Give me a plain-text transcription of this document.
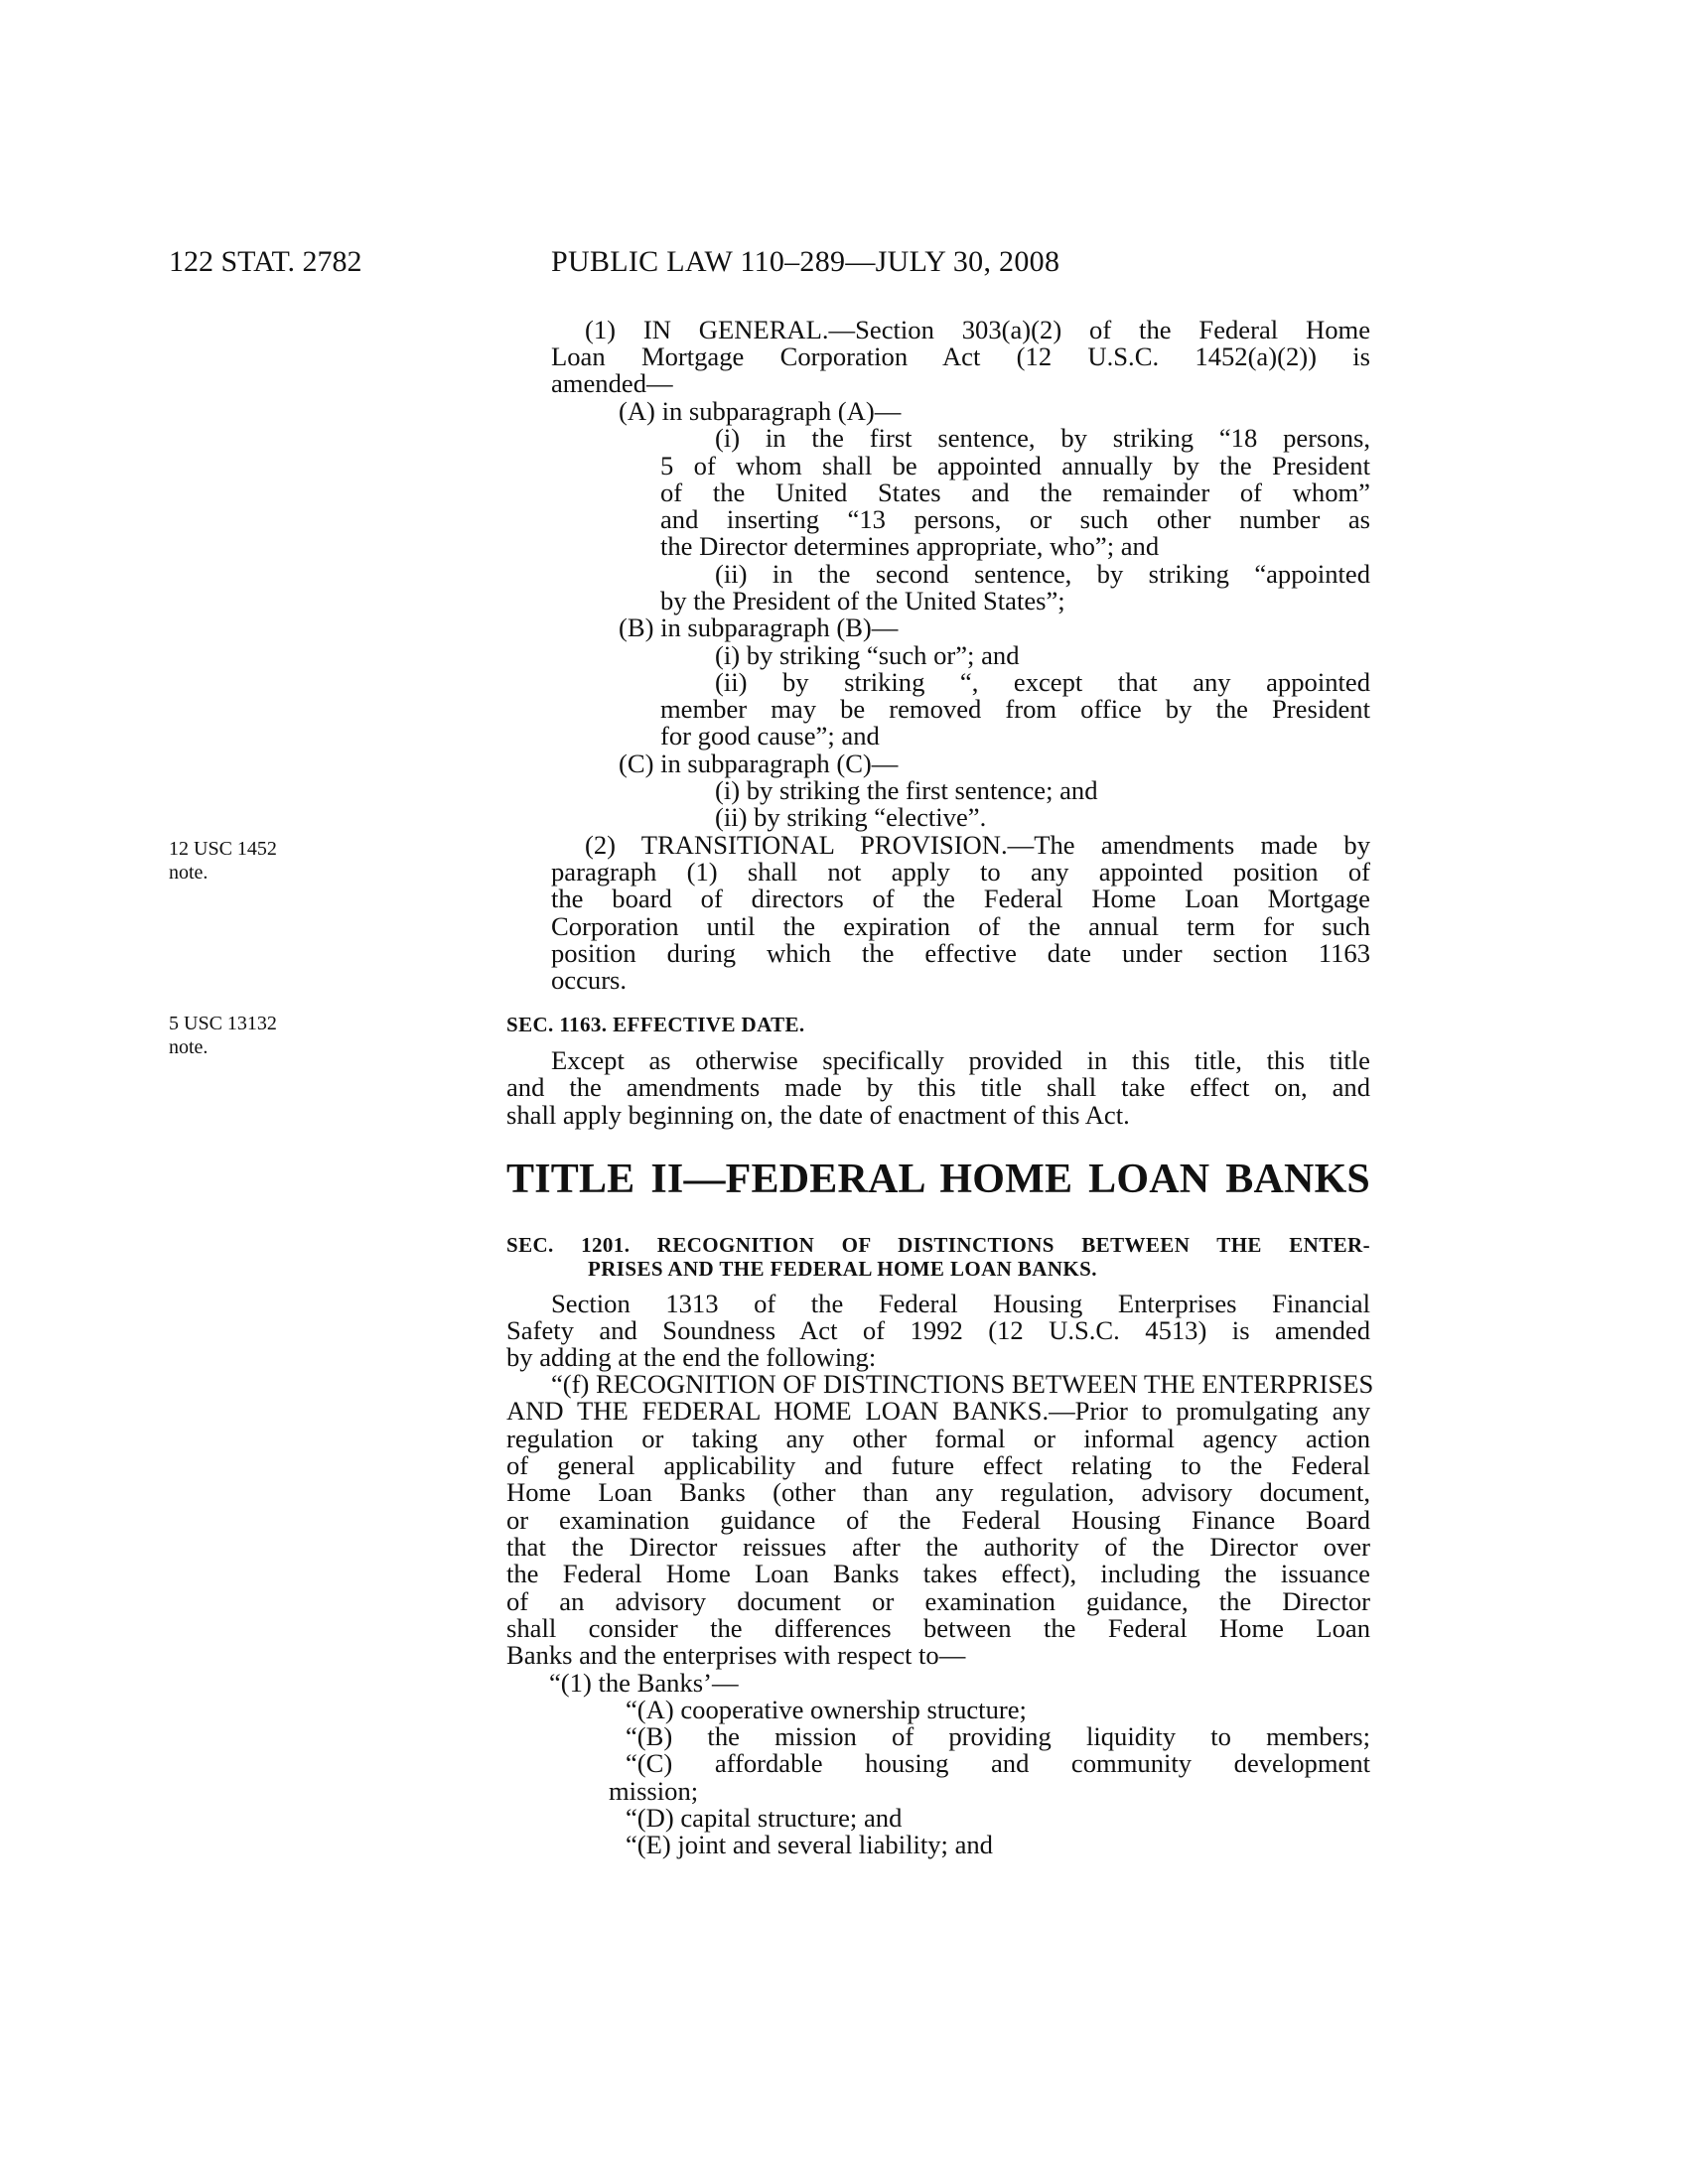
122 STAT. 2782	PUBLIC LAW 110–289—JULY 30, 2008
12 USC 1452
note.
5 USC 13132
note.
(1) IN GENERAL.—Section 303(a)(2) of the Federal Home
Loan Mortgage Corporation Act (12 U.S.C. 1452(a)(2)) is
amended—
(A) in subparagraph (A)—
(i) in the first sentence, by striking “18 persons,
5 of whom shall be appointed annually by the President
of the United States and the remainder of whom”
and inserting “13 persons, or such other number as
the Director determines appropriate, who”; and
(ii) in the second sentence, by striking “appointed
by the President of the United States”;
(B) in subparagraph (B)—
(i) by striking “such or”; and
(ii) by striking “, except that any appointed
member may be removed from office by the President
for good cause”; and
(C) in subparagraph (C)—
(i) by striking the first sentence; and
(ii) by striking “elective”.
(2) TRANSITIONAL PROVISION.—The amendments made by
paragraph (1) shall not apply to any appointed position of
the board of directors of the Federal Home Loan Mortgage
Corporation until the expiration of the annual term for such
position during which the effective date under section 1163
occurs.
SEC. 1163. EFFECTIVE DATE.
Except as otherwise specifically provided in this title, this title
and the amendments made by this title shall take effect on, and
shall apply beginning on, the date of enactment of this Act.
TITLE II—FEDERAL HOME LOAN BANKS
SEC. 1201. RECOGNITION OF DISTINCTIONS BETWEEN THE ENTER-
PRISES AND THE FEDERAL HOME LOAN BANKS.
Section 1313 of the Federal Housing Enterprises Financial
Safety and Soundness Act of 1992 (12 U.S.C. 4513) is amended
by adding at the end the following:
“(f) RECOGNITION OF DISTINCTIONS BETWEEN THE ENTERPRISES
AND THE FEDERAL HOME LOAN BANKS.—Prior to promulgating any
regulation or taking any other formal or informal agency action
of general applicability and future effect relating to the Federal
Home Loan Banks (other than any regulation, advisory document,
or examination guidance of the Federal Housing Finance Board
that the Director reissues after the authority of the Director over
the Federal Home Loan Banks takes effect), including the issuance
of an advisory document or examination guidance, the Director
shall consider the differences between the Federal Home Loan
Banks and the enterprises with respect to—
“(1) the Banks’—
“(A) cooperative ownership structure;
“(B) the mission of providing liquidity to members;
“(C) affordable housing and community development
mission;
“(D) capital structure; and
“(E) joint and several liability; and
